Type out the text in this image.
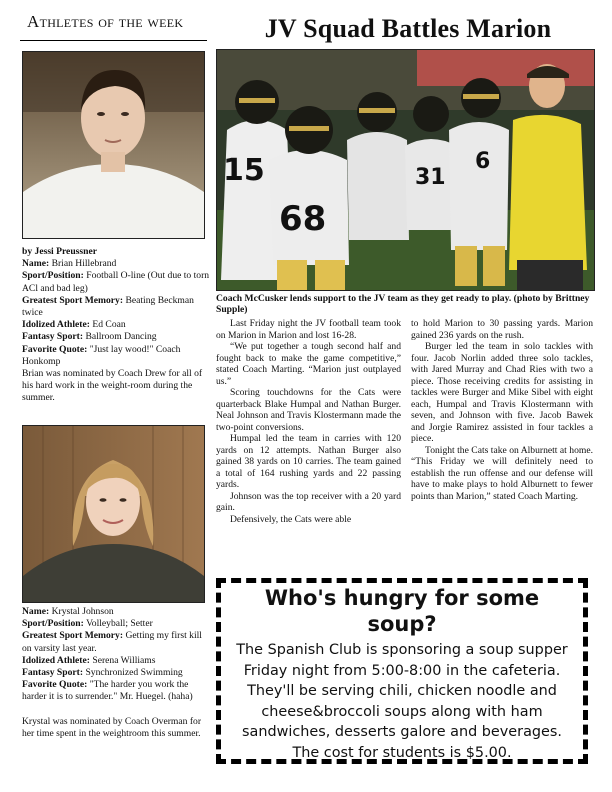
Athletes of the week
by Jessi Preussner
Name: Brian Hillebrand
Sport/Position: Football O-line (Out due to torn ACl and bad leg)
Greatest Sport Memory: Beating Beckman twice
Idolized Athlete: Ed Coan
Fantasy Sport: Ballroom Dancing
Favorite Quote: "Just lay wood!" Coach Honkomp
Brian was nominated by Coach Drew for all of his hard work in the weight-room during the summer.
Name: Krystal Johnson
Sport/Position: Volleyball; Setter
Greatest Sport Memory: Getting my first kill on varsity last year.
Idolized Athlete: Serena Williams
Fantasy Sport: Synchronized Swimming
Favorite Quote: "The harder you work the harder it is to surrender." Mr. Huegel. (haha)
Krystal was nominated by Coach Overman for her time spent in the weightroom this summer.
JV Squad Battles Marion
15
68
31
6
Coach McCusker lends support to the JV team as they get ready to play. (photo by Brittney Supple)

Last Friday night the JV football team took on Marion in Marion and lost 16-28.

“We put together a tough second half and fought back to make the game competitive,” stated Coach Marting. “Marion just outplayed us.”

Scoring touchdowns for the Cats were quarterback Blake Humpal and Nathan Burger. Neal Johnson and Travis Klostermann made the two-point conversions.

Humpal led the team in carries with 120 yards on 12 attempts. Nathan Burger also gained 38 yards on 10 carries. The team gained a total of 164 rushing yards and 22 passing yards.

Johnson was the top receiver with a 20 yard gain.

Defensively, the Cats were able

to hold Marion to 30 passing yards. Marion gained 236 yards on the rush.

Burger led the team in solo tackles with four. Jacob Norlin added three solo tackles, with Jared Murray and Chad Ries with two a piece. Those receiving credits for assisting in tackles were Burger and Mike Sibel with eight each, Humpal and Travis Klostermann with seven, and Johnson with five. Jacob Bawek and Jorgie Ramirez assisted in four tackles a piece.

Tonight the Cats take on Alburnett at home. “This Friday we will definitely need to establish the run offense and our defense will have to make plays to hold Alburnett to fewer points than Marion,” stated Coach Marting.

Who's hungry for some soup?
The Spanish Club is sponsoring a soup supper Friday night from 5:00-8:00 in the cafeteria. They'll be serving chili, chicken noodle and cheese&broccoli soups along with ham sandwiches, desserts galore and beverages. The cost for students is $5.00.
